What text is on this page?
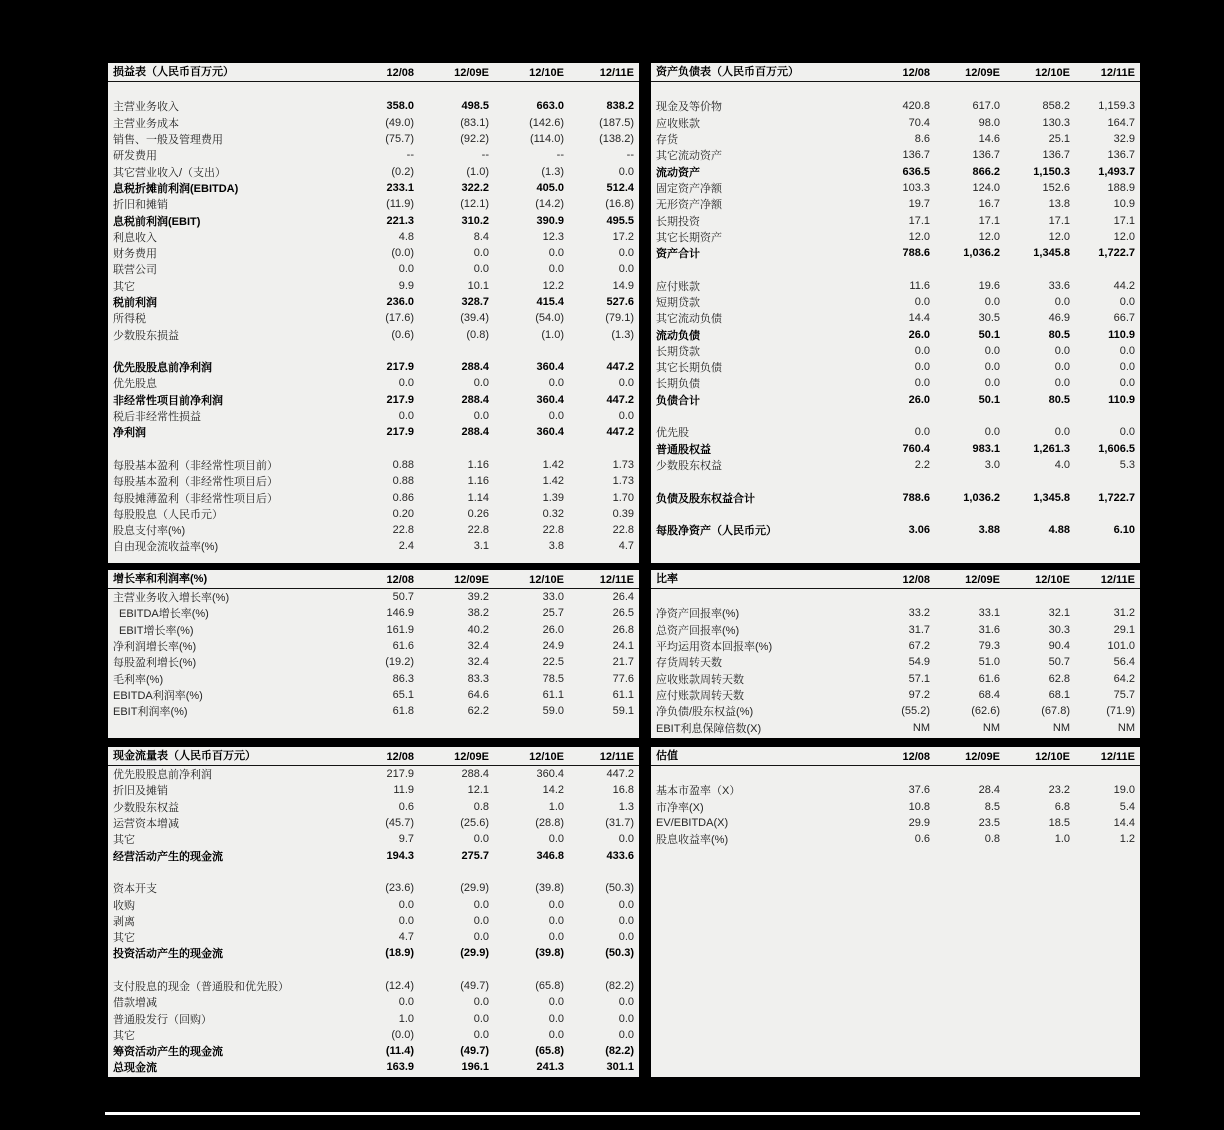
损益表（人民币百万元）	12/08	12/09E	12/10E	12/11E
主营业务收入	358.0	498.5	663.0	838.2
主营业务成本	(49.0)	(83.1)	(142.6)	(187.5)
销售、一般及管理费用	(75.7)	(92.2)	(114.0)	(138.2)
研发费用	--	--	--	--
其它营业收入/（支出）	(0.2)	(1.0)	(1.3)	0.0
息税折摊前利润(EBITDA)	233.1	322.2	405.0	512.4
折旧和摊销	(11.9)	(12.1)	(14.2)	(16.8)
息税前利润(EBIT)	221.3	310.2	390.9	495.5
利息收入	4.8	8.4	12.3	17.2
财务费用	(0.0)	0.0	0.0	0.0
联营公司	0.0	0.0	0.0	0.0
其它	9.9	10.1	12.2	14.9
税前利润	236.0	328.7	415.4	527.6
所得税	(17.6)	(39.4)	(54.0)	(79.1)
少数股东损益	(0.6)	(0.8)	(1.0)	(1.3)
优先股股息前净利润	217.9	288.4	360.4	447.2
优先股息	0.0	0.0	0.0	0.0
非经常性项目前净利润	217.9	288.4	360.4	447.2
税后非经常性损益	0.0	0.0	0.0	0.0
净利润	217.9	288.4	360.4	447.2
每股基本盈利（非经常性项目前）	0.88	1.16	1.42	1.73
每股基本盈利（非经常性项目后）	0.88	1.16	1.42	1.73
每股摊薄盈利（非经常性项目后）	0.86	1.14	1.39	1.70
每股股息（人民币元）	0.20	0.26	0.32	0.39
股息支付率(%)	22.8	22.8	22.8	22.8
自由现金流收益率(%)	2.4	3.1	3.8	4.7
增长率和利润率(%)	12/08	12/09E	12/10E	12/11E
主营业务收入增长率(%)	50.7	39.2	33.0	26.4
EBITDA增长率(%)	146.9	38.2	25.7	26.5
EBIT增长率(%)	161.9	40.2	26.0	26.8
净利润增长率(%)	61.6	32.4	24.9	24.1
每股盈利增长(%)	(19.2)	32.4	22.5	21.7
毛利率(%)	86.3	83.3	78.5	77.6
EBITDA利润率(%)	65.1	64.6	61.1	61.1
EBIT利润率(%)	61.8	62.2	59.0	59.1
现金流量表（人民币百万元）	12/08	12/09E	12/10E	12/11E
优先股股息前净利润	217.9	288.4	360.4	447.2
折旧及摊销	11.9	12.1	14.2	16.8
少数股东权益	0.6	0.8	1.0	1.3
运营资本增减	(45.7)	(25.6)	(28.8)	(31.7)
其它	9.7	0.0	0.0	0.0
经营活动产生的现金流	194.3	275.7	346.8	433.6
资本开支	(23.6)	(29.9)	(39.8)	(50.3)
收购	0.0	0.0	0.0	0.0
剥离	0.0	0.0	0.0	0.0
其它	4.7	0.0	0.0	0.0
投资活动产生的现金流	(18.9)	(29.9)	(39.8)	(50.3)
支付股息的现金（普通股和优先股）	(12.4)	(49.7)	(65.8)	(82.2)
借款增减	0.0	0.0	0.0	0.0
普通股发行（回购）	1.0	0.0	0.0	0.0
其它	(0.0)	0.0	0.0	0.0
筹资活动产生的现金流	(11.4)	(49.7)	(65.8)	(82.2)
总现金流	163.9	196.1	241.3	301.1
资产负债表（人民币百万元）	12/08	12/09E	12/10E	12/11E
现金及等价物	420.8	617.0	858.2	1,159.3
应收账款	70.4	98.0	130.3	164.7
存货	8.6	14.6	25.1	32.9
其它流动资产	136.7	136.7	136.7	136.7
流动资产	636.5	866.2	1,150.3	1,493.7
固定资产净额	103.3	124.0	152.6	188.9
无形资产净额	19.7	16.7	13.8	10.9
长期投资	17.1	17.1	17.1	17.1
其它长期资产	12.0	12.0	12.0	12.0
资产合计	788.6	1,036.2	1,345.8	1,722.7
应付账款	11.6	19.6	33.6	44.2
短期贷款	0.0	0.0	0.0	0.0
其它流动负债	14.4	30.5	46.9	66.7
流动负债	26.0	50.1	80.5	110.9
长期贷款	0.0	0.0	0.0	0.0
其它长期负债	0.0	0.0	0.0	0.0
长期负债	0.0	0.0	0.0	0.0
负债合计	26.0	50.1	80.5	110.9
优先股	0.0	0.0	0.0	0.0
普通股权益	760.4	983.1	1,261.3	1,606.5
少数股东权益	2.2	3.0	4.0	5.3
负债及股东权益合计	788.6	1,036.2	1,345.8	1,722.7
每股净资产（人民币元）	3.06	3.88	4.88	6.10
比率	12/08	12/09E	12/10E	12/11E
净资产回报率(%)	33.2	33.1	32.1	31.2
总资产回报率(%)	31.7	31.6	30.3	29.1
平均运用资本回报率(%)	67.2	79.3	90.4	101.0
存货周转天数	54.9	51.0	50.7	56.4
应收账款周转天数	57.1	61.6	62.8	64.2
应付账款周转天数	97.2	68.4	68.1	75.7
净负债/股东权益(%)	(55.2)	(62.6)	(67.8)	(71.9)
EBIT利息保障倍数(X)	NM	NM	NM	NM
估值	12/08	12/09E	12/10E	12/11E
基本市盈率（X）	37.6	28.4	23.2	19.0
市净率(X)	10.8	8.5	6.8	5.4
EV/EBITDA(X)	29.9	23.5	18.5	14.4
股息收益率(%)	0.6	0.8	1.0	1.2
